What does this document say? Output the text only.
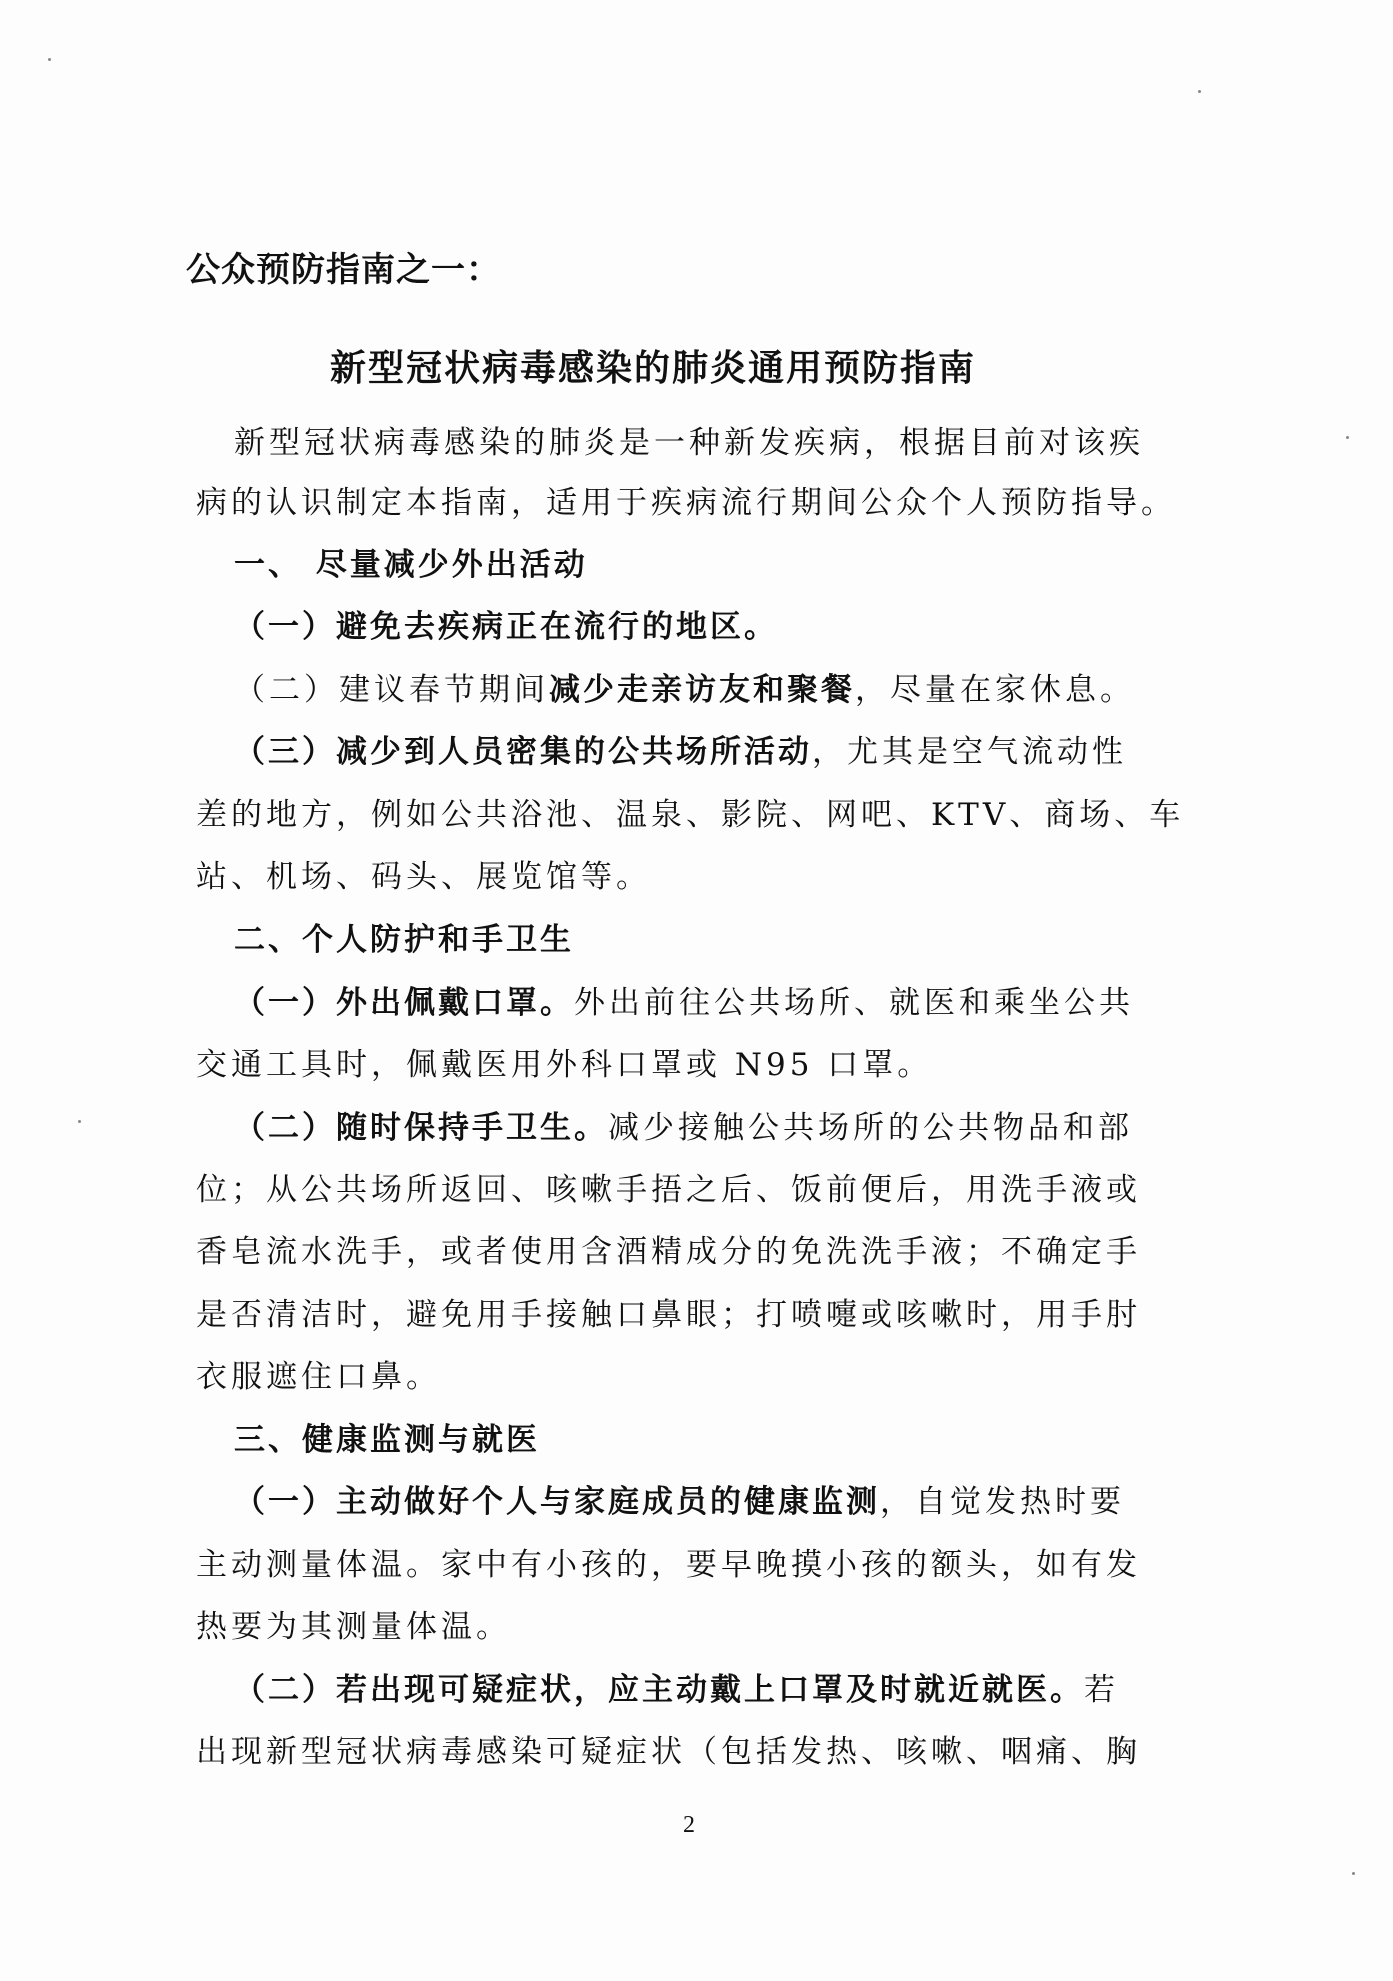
公众预防指南之一：
新型冠状病毒感染的肺炎通用预防指南
新型冠状病毒感染的肺炎是一种新发疾病，根据目前对该疾
病的认识制定本指南，适用于疾病流行期间公众个人预防指导。
一、 尽量减少外出活动
（一）避免去疾病正在流行的地区。
（二）建议春节期间减少走亲访友和聚餐，尽量在家休息。
（三）减少到人员密集的公共场所活动，尤其是空气流动性
差的地方，例如公共浴池、温泉、影院、网吧、KTV、商场、车
站、机场、码头、展览馆等。
二、个人防护和手卫生
（一）外出佩戴口罩。外出前往公共场所、就医和乘坐公共
交通工具时，佩戴医用外科口罩或 N95 口罩。
（二）随时保持手卫生。减少接触公共场所的公共物品和部
位；从公共场所返回、咳嗽手捂之后、饭前便后，用洗手液或
香皂流水洗手，或者使用含酒精成分的免洗洗手液；不确定手
是否清洁时，避免用手接触口鼻眼；打喷嚏或咳嗽时，用手肘
衣服遮住口鼻。
三、健康监测与就医
（一）主动做好个人与家庭成员的健康监测，自觉发热时要
主动测量体温。家中有小孩的，要早晚摸小孩的额头，如有发
热要为其测量体温。
（二）若出现可疑症状，应主动戴上口罩及时就近就医。若
出现新型冠状病毒感染可疑症状（包括发热、咳嗽、咽痛、胸
2
